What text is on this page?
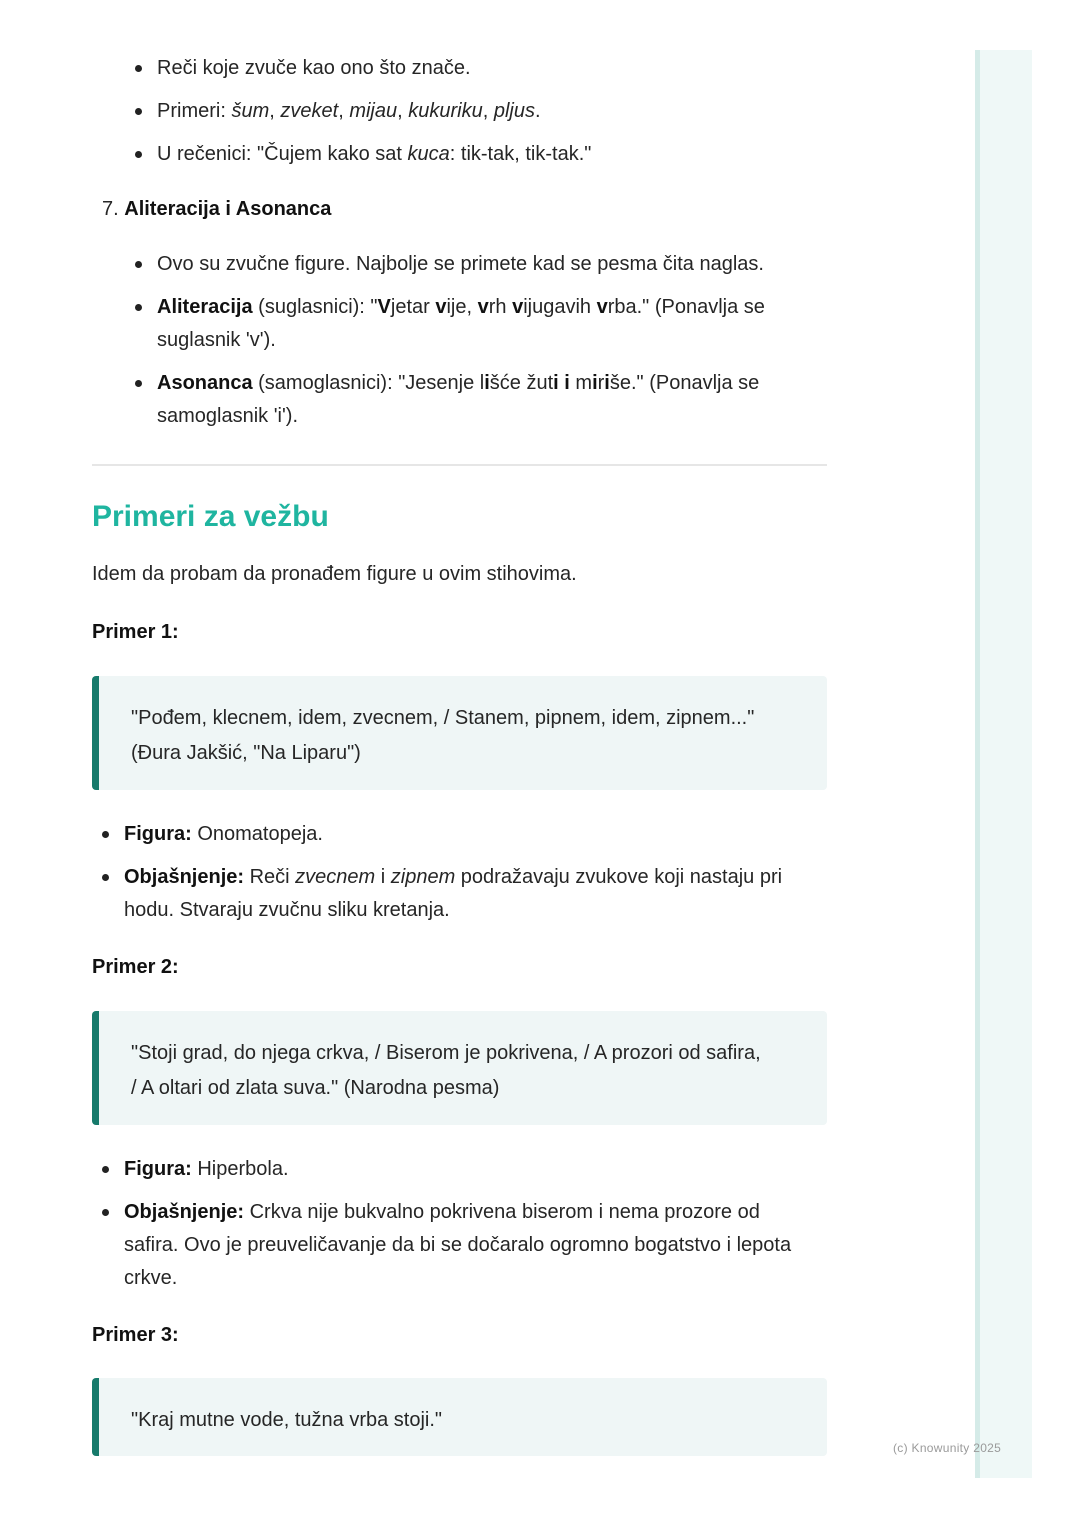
Reči koje zvuče kao ono što znače.
Primeri: šum, zveket, mijau, kukuriku, pljus.
U rečenici: "Čujem kako sat kuca: tik-tak, tik-tak."
7. Aliteracija i Asonanca
Ovo su zvučne figure. Najbolje se primete kad se pesma čita naglas.
Aliteracija (suglasnici): "Vjetar vije, vrh vijugavih vrba." (Ponavlja se
suglasnik 'v').
Asonanca (samoglasnici): "Jesenje lišće žuti i miriše." (Ponavlja se
samoglasnik 'i').
Primeri za vežbu

Idem da probam da pronađem figure u ovim stihovima.

Primer 1:

"Pođem, klecnem, idem, zvecnem, / Stanem, pipnem, idem, zipnem..."
(Đura Jakšić, "Na Liparu")
Figura: Onomatopeja.
Objašnjenje: Reči zvecnem i zipnem podražavaju zvukove koji nastaju pri
hodu. Stvaraju zvučnu sliku kretanja.

Primer 2:

"Stoji grad, do njega crkva, / Biserom je pokrivena, / A prozori od safira,
/ A oltari od zlata suva." (Narodna pesma)
Figura: Hiperbola.
Objašnjenje: Crkva nije bukvalno pokrivena biserom i nema prozore od
safira. Ovo je preuveličavanje da bi se dočaralo ogromno bogatstvo i lepota
crkve.

Primer 3:

"Kraj mutne vode, tužna vrba stoji."
(c) Knowunity 2025
